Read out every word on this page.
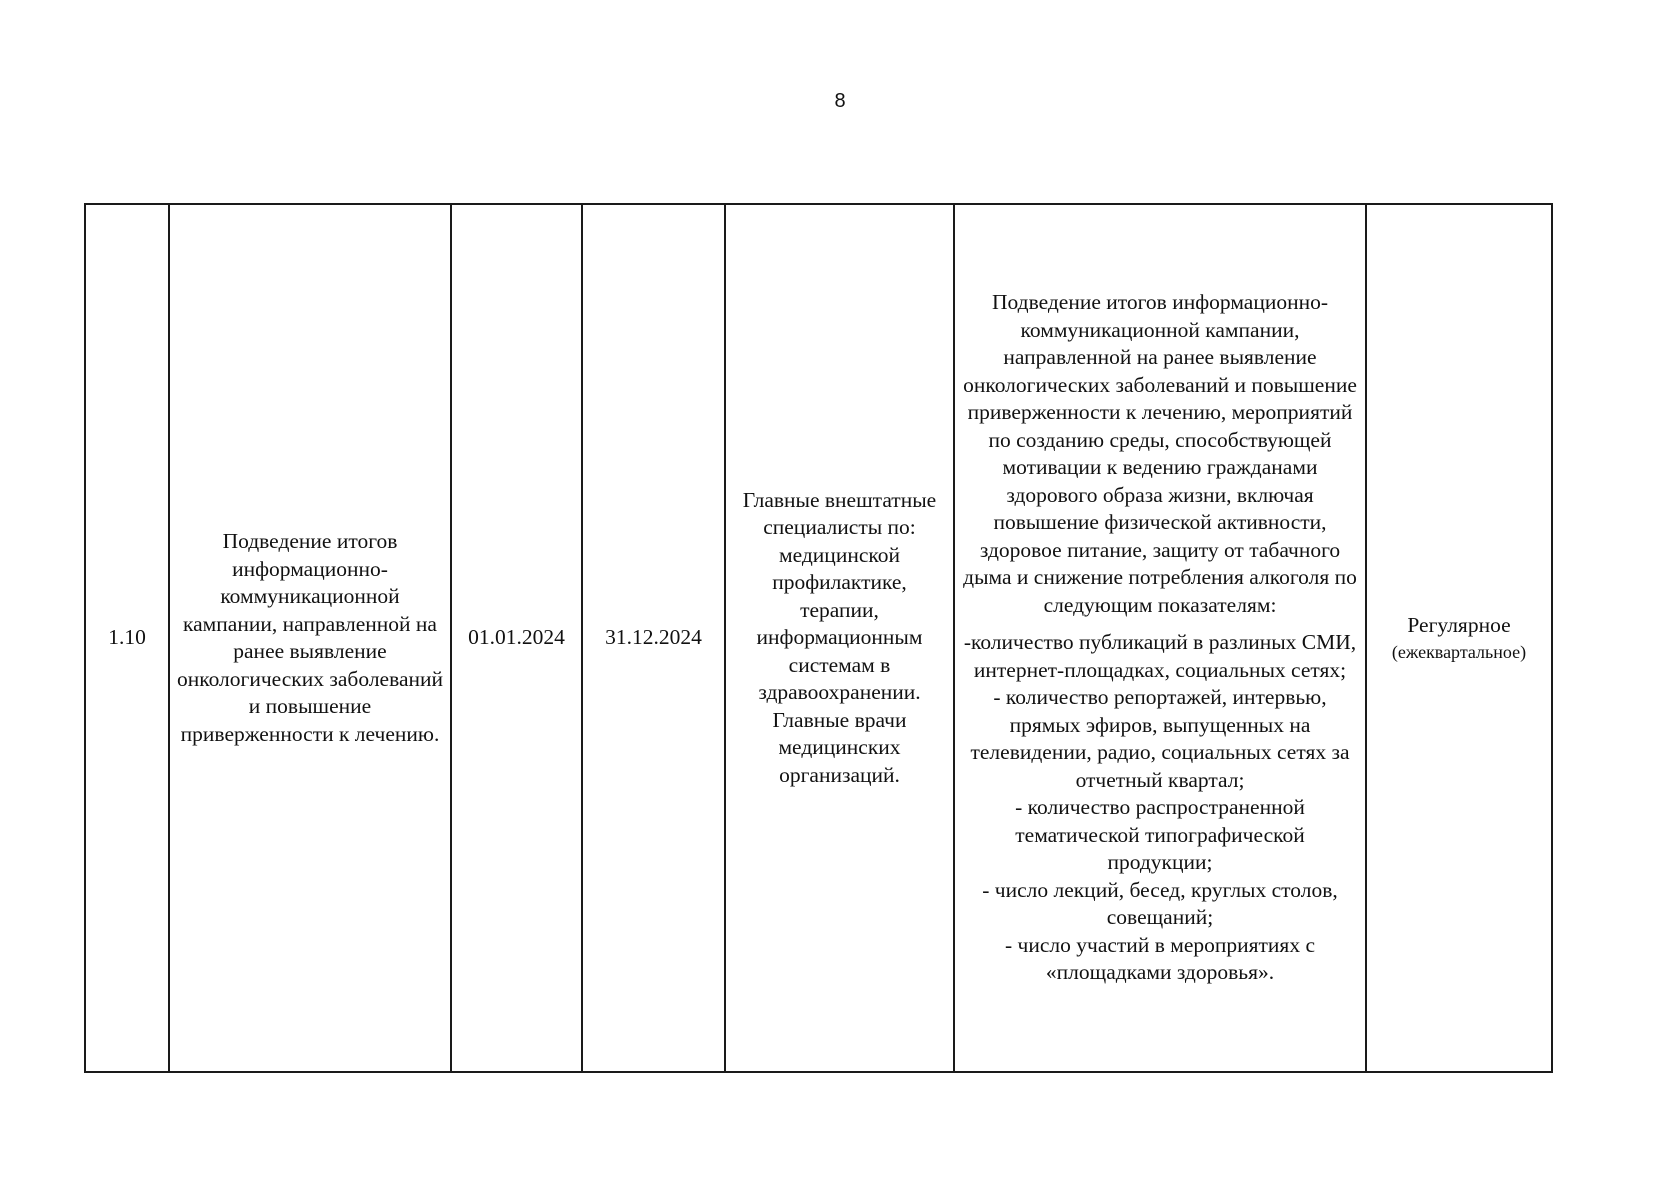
8
1.10

Подведение итогов информационно-коммуникационной кампании, направленной на ранее выявление онкологических заболеваний и повышение приверженности к лечению.

01.01.2024	31.12.2024

Главные внештатные специалисты по: медицинской профилактике, терапии, информационным системам в здравоохранении. Главные врачи медицинских организаций.

Подведение итогов информационно-коммуникационной кампании, направленной на ранее выявление онкологических заболеваний и повышение приверженности к лечению, мероприятий по созданию среды, способствующей мотивации к ведению гражданами здорового образа жизни, включая повышение физической активности, здоровое питание, защиту от табачного дыма и снижение потребления алкоголя по следующим показателям:
-количество публикаций в разлиных СМИ, интернет-площадках, социальных сетях;
- количество репортажей, интервью, прямых эфиров, выпущенных на телевидении, радио, социальных сетях за отчетный квартал;
- количество распространенной тематической типографической продукции;
- число лекций, бесед, круглых столов, совещаний;
- число участий в мероприятиях с «площадками здоровья».

Регулярное
(ежеквартальное)
